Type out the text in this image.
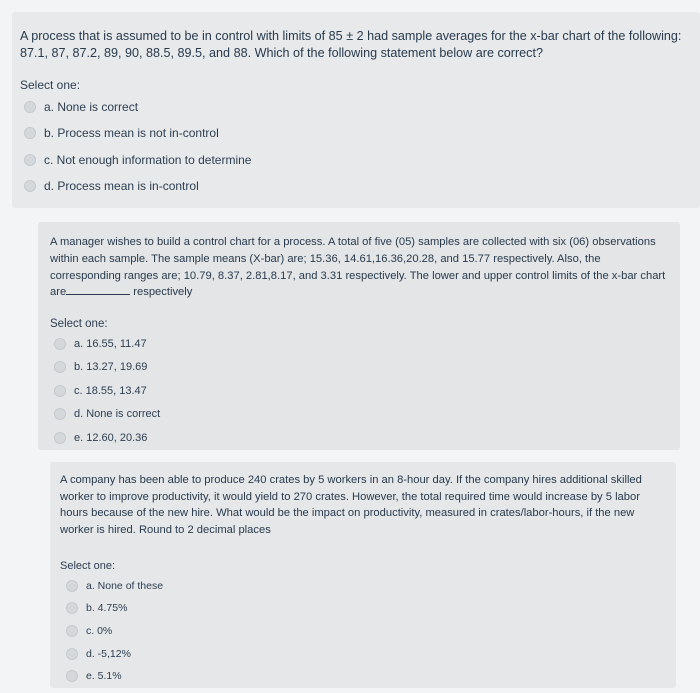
A process that is assumed to be in control with limits of 85 ± 2 had sample averages for the x-bar chart of the following: 87.1, 87, 87.2, 89, 90, 88.5, 89.5, and 88. Which of the following statement below are correct?
Select one:
a. None is correct
b. Process mean is not in-control
c. Not enough information to determine
d. Process mean is in-control
A manager wishes to build a control chart for a process. A total of five (05) samples are collected with six (06) observations within each sample. The sample means (X-bar) are; 15.36, 14.61,16.36,20.28, and 15.77 respectively. Also, the corresponding ranges are; 10.79, 8.37, 2.81,8.17, and 3.31 respectively. The lower and upper control limits of the x-bar chart are	respectively
Select one:
a. 16.55, 11.47
b. 13.27, 19.69
c. 18.55, 13.47
d. None is correct
e. 12.60, 20.36
A company has been able to produce 240 crates by 5 workers in an 8-hour day. If the company hires additional skilled worker to improve productivity, it would yield to 270 crates. However, the total required time would increase by 5 labor hours because of the new hire. What would be the impact on productivity, measured in crates/labor-hours, if the new worker is hired. Round to 2 decimal places
Select one:
a. None of these
b. 4.75%
c. 0%
d. -5,12%
e. 5.1%
